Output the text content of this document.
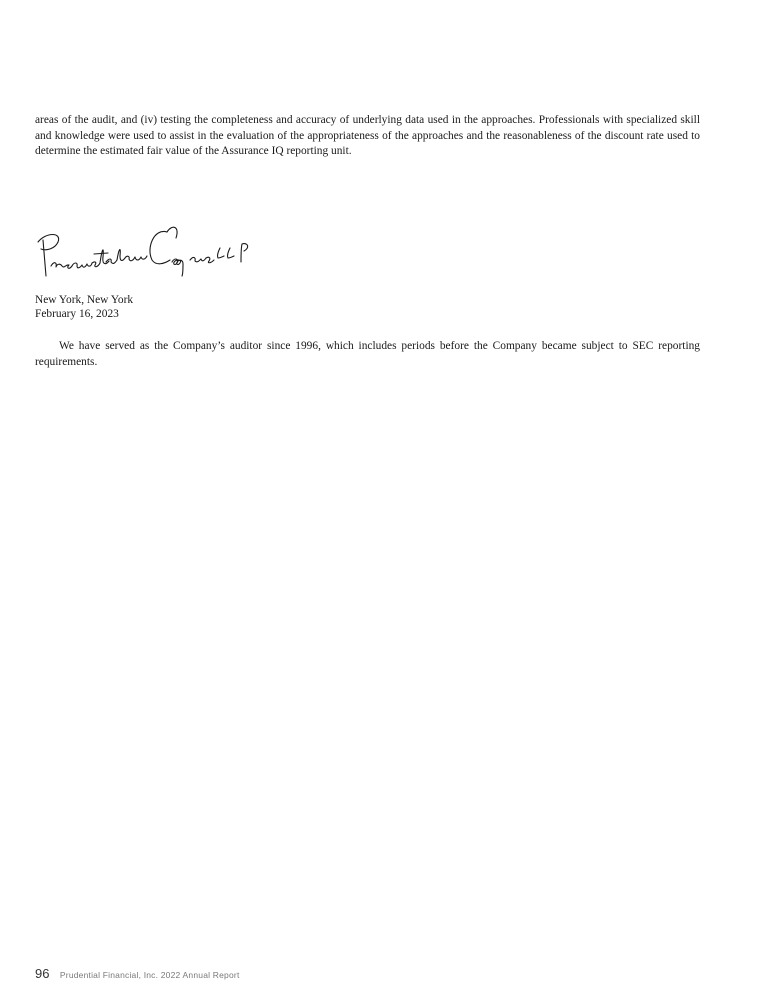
areas of the audit, and (iv) testing the completeness and accuracy of underlying data used in the approaches. Professionals with specialized skill and knowledge were used to assist in the evaluation of the appropriateness of the approaches and the reasonableness of the discount rate used to determine the estimated fair value of the Assurance IQ reporting unit.

New York, New York
February 16, 2023

We have served as the Company’s auditor since 1996, which includes periods before the Company became subject to SEC reporting requirements.

96 Prudential Financial, Inc. 2022 Annual Report
